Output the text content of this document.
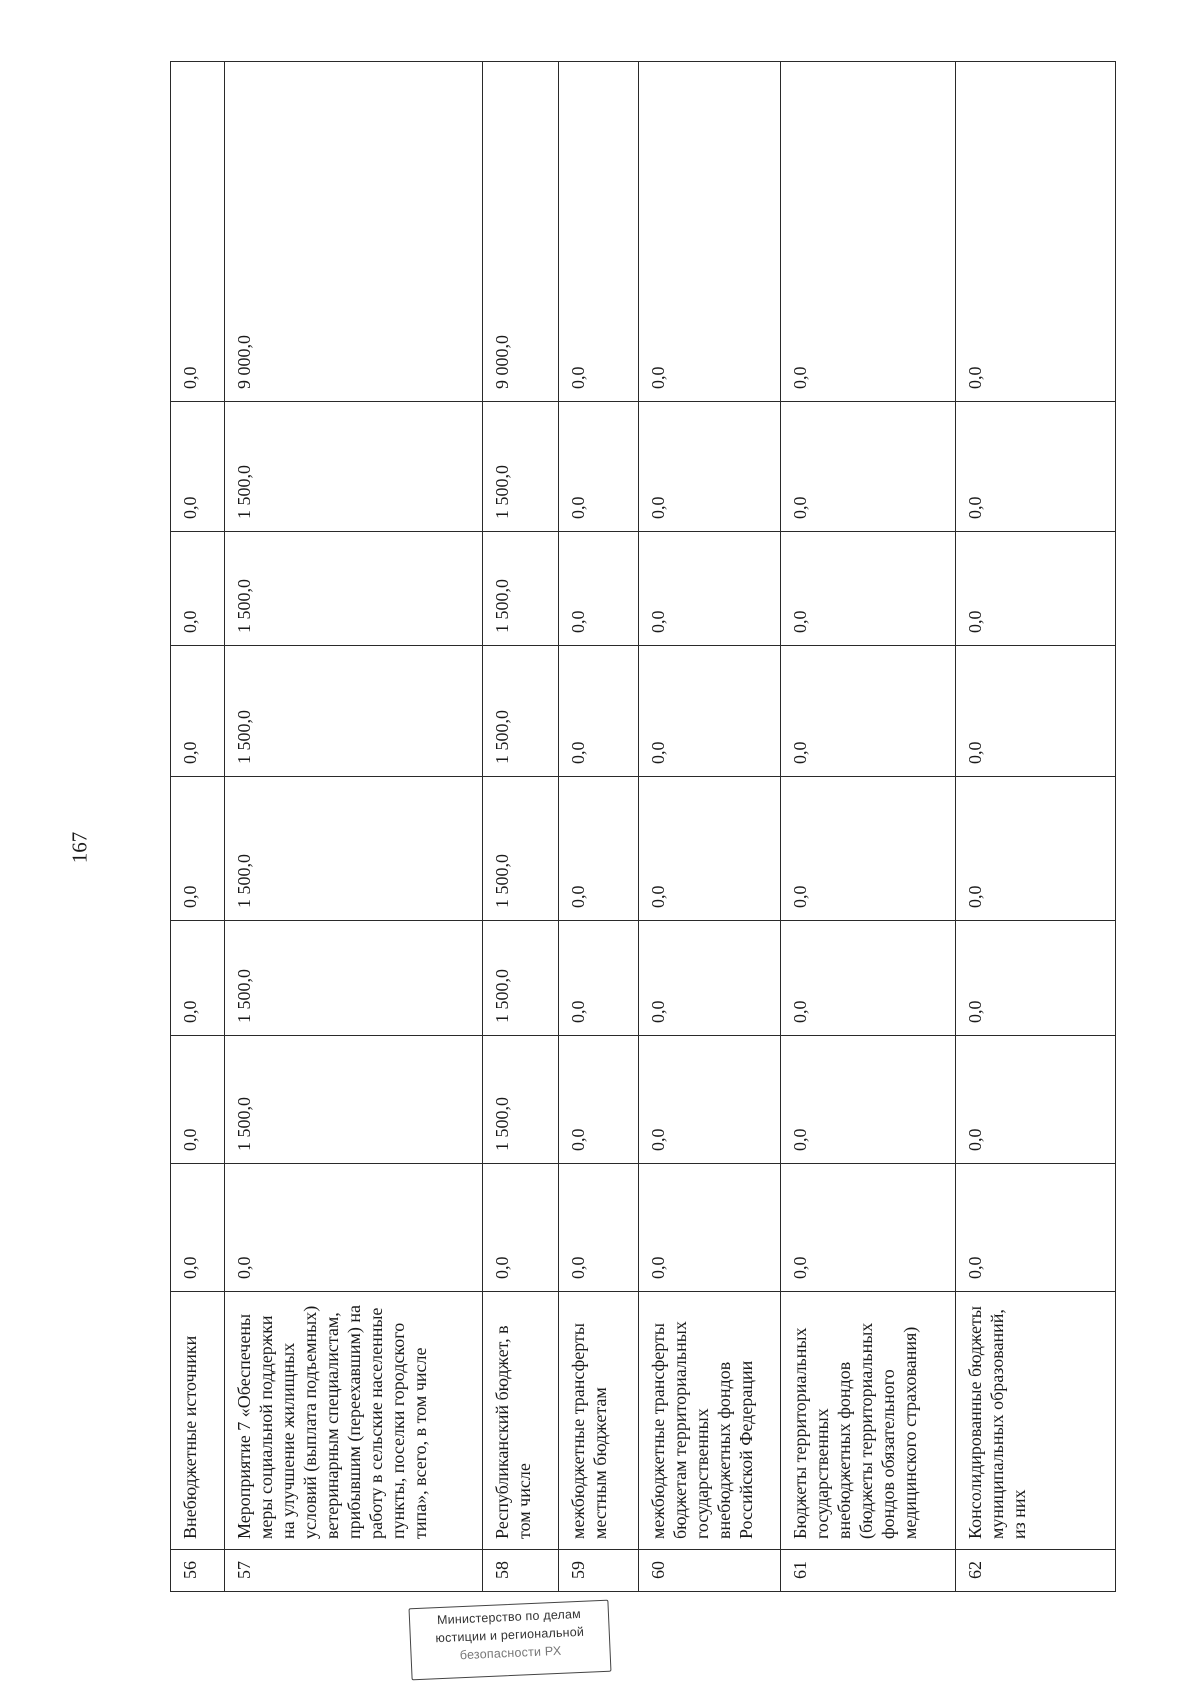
167
56	Внебюджетные источники	0,0	0,0	0,0	0,0	0,0	0,0	0,0	0,0
57	Мероприятие 7 «Обеспечены меры социальной поддержки на улучшение жилищных условий (выплата подъемных) ветеринарным специалистам, прибывшим (переехавшим) на работу в сельские населенные пункты, поселки городского типа», всего, в том числе	0,0	1 500,0	1 500,0	1 500,0	1 500,0	1 500,0	1 500,0	9 000,0
58	Республиканский бюджет, в том числе	0,0	1 500,0	1 500,0	1 500,0	1 500,0	1 500,0	1 500,0	9 000,0
59	межбюджетные трансферты местным бюджетам	0,0	0,0	0,0	0,0	0,0	0,0	0,0	0,0
60	межбюджетные трансферты бюджетам территориальных государственных внебюджетных фондов Российской Федерации	0,0	0,0	0,0	0,0	0,0	0,0	0,0	0,0
61	Бюджеты территориальных государственных внебюджетных фондов (бюджеты территориальных фондов обязательного медицинского страхования)	0,0	0,0	0,0	0,0	0,0	0,0	0,0	0,0
62	Консолидированные бюджеты муниципальных образований, из них	0,0	0,0	0,0	0,0	0,0	0,0	0,0	0,0
Министерство по делам
юстиции и региональной
безопасности РХ
